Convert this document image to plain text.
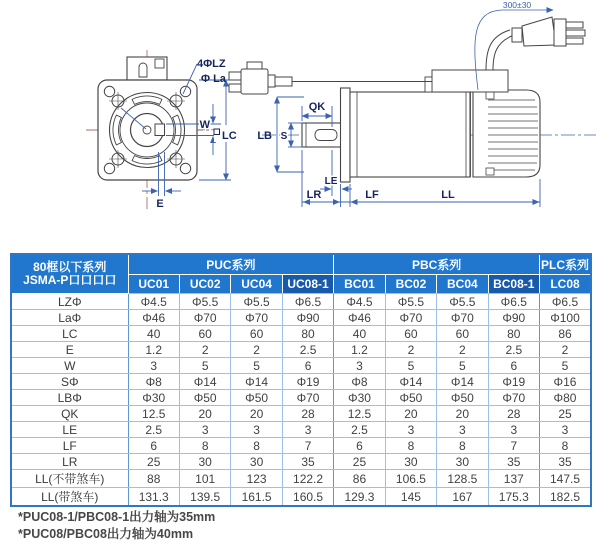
4ΦLZ
Φ La
W
LC
E
LB S
QK
LE
LR	LF	LL
300±30
80框以下系列
JSMA-P口口口口	PUC系列				PBC系列				PLC系列
	UC01	UC02	UC04	UC08-1	BC01	BC02	BC04	BC08-1	LC08
LZΦ	Φ4.5	Φ5.5	Φ5.5	Φ6.5	Φ4.5	Φ5.5	Φ5.5	Φ6.5	Φ6.5
LaΦ	Φ46	Φ70	Φ70	Φ90	Φ46	Φ70	Φ70	Φ90	Φ100
LC	40	60	60	80	40	60	60	80	86
E	1.2	2	2	2.5	1.2	2	2	2.5	2
W	3	5	5	6	3	5	5	6	5
SΦ	Φ8	Φ14	Φ14	Φ19	Φ8	Φ14	Φ14	Φ19	Φ16
LBΦ	Φ30	Φ50	Φ50	Φ70	Φ30	Φ50	Φ50	Φ70	Φ80
QK	12.5	20	20	28	12.5	20	20	28	25
LE	2.5	3	3	3	2.5	3	3	3	3
LF	6	8	8	7	6	8	8	7	8
LR	25	30	30	35	25	30	30	35	35
LL(不带煞车)	88	101	123	122.2	86	106.5	128.5	137	147.5
LL(带煞车)	131.3	139.5	161.5	160.5	129.3	145	167	175.3	182.5
*PUC08-1/PBC08-1出力轴为35mm
*PUC08/PBC08出力轴为40mm
